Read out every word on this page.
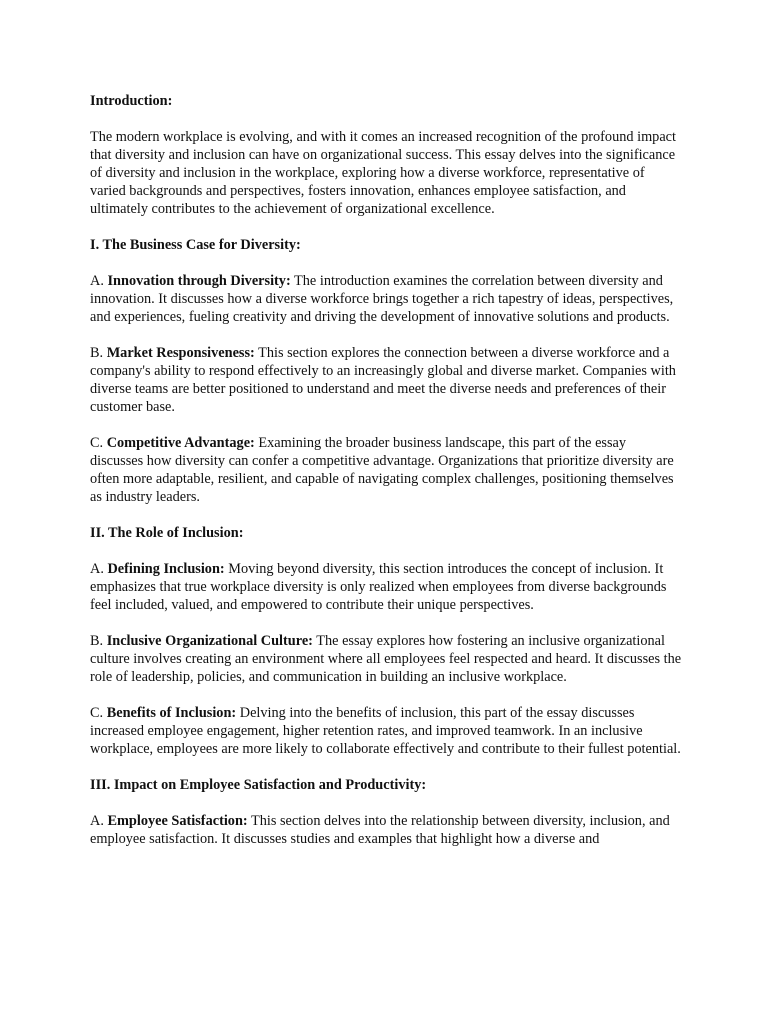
Introduction:
The modern workplace is evolving, and with it comes an increased recognition of the profound impact that diversity and inclusion can have on organizational success. This essay delves into the significance of diversity and inclusion in the workplace, exploring how a diverse workforce, representative of varied backgrounds and perspectives, fosters innovation, enhances employee satisfaction, and ultimately contributes to the achievement of organizational excellence.
I. The Business Case for Diversity:
A. Innovation through Diversity: The introduction examines the correlation between diversity and innovation. It discusses how a diverse workforce brings together a rich tapestry of ideas, perspectives, and experiences, fueling creativity and driving the development of innovative solutions and products.
B. Market Responsiveness: This section explores the connection between a diverse workforce and a company's ability to respond effectively to an increasingly global and diverse market. Companies with diverse teams are better positioned to understand and meet the diverse needs and preferences of their customer base.
C. Competitive Advantage: Examining the broader business landscape, this part of the essay discusses how diversity can confer a competitive advantage. Organizations that prioritize diversity are often more adaptable, resilient, and capable of navigating complex challenges, positioning themselves as industry leaders.
II. The Role of Inclusion:
A. Defining Inclusion: Moving beyond diversity, this section introduces the concept of inclusion. It emphasizes that true workplace diversity is only realized when employees from diverse backgrounds feel included, valued, and empowered to contribute their unique perspectives.
B. Inclusive Organizational Culture: The essay explores how fostering an inclusive organizational culture involves creating an environment where all employees feel respected and heard. It discusses the role of leadership, policies, and communication in building an inclusive workplace.
C. Benefits of Inclusion: Delving into the benefits of inclusion, this part of the essay discusses increased employee engagement, higher retention rates, and improved teamwork. In an inclusive workplace, employees are more likely to collaborate effectively and contribute to their fullest potential.
III. Impact on Employee Satisfaction and Productivity:
A. Employee Satisfaction: This section delves into the relationship between diversity, inclusion, and employee satisfaction. It discusses studies and examples that highlight how a diverse and
